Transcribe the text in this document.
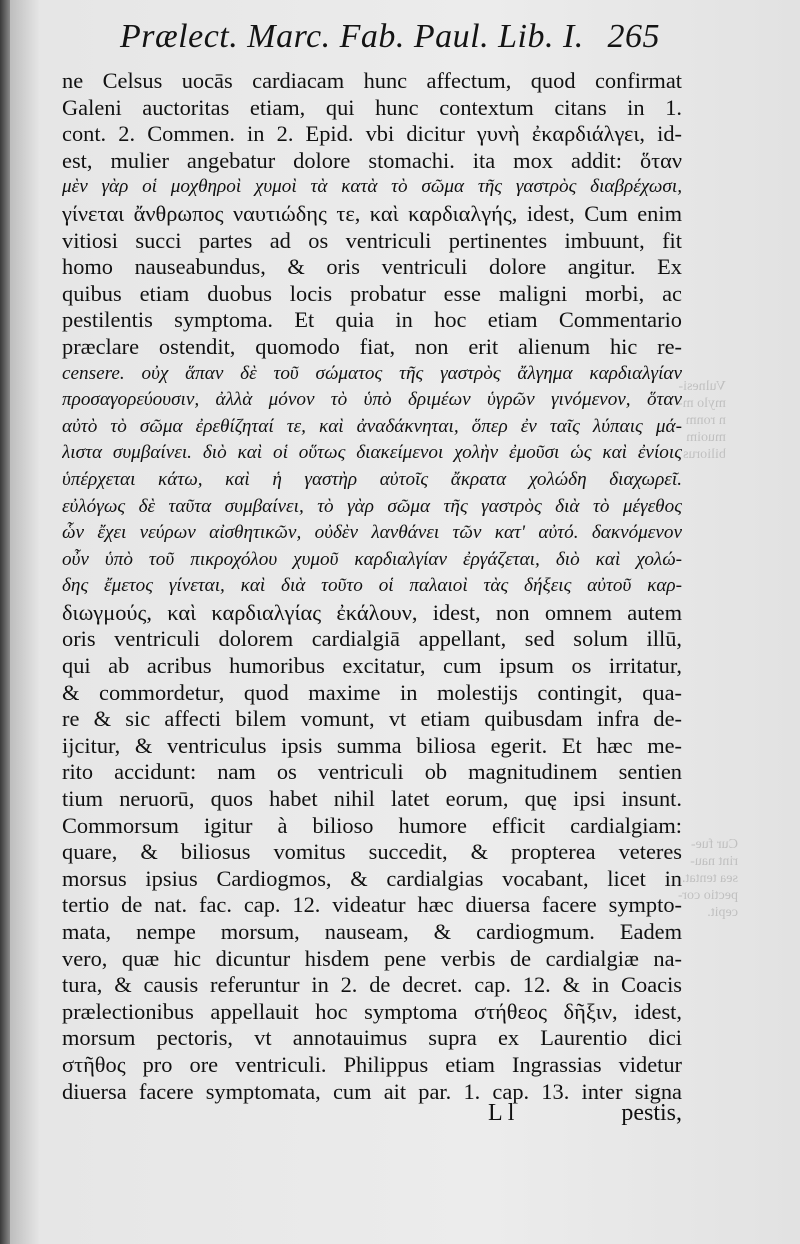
Prælect. Marc. Fab. Paul. Lib. I. 265
ne Celsus uocās cardiacam hunc affectum, quod confirmat
Galeni auctoritas etiam, qui hunc contextum citans in 1.
cont. 2. Commen. in 2. Epid. vbi dicitur γυνὴ ἐκαρδιάλγει, id-
est, mulier angebatur dolore stomachi. ita mox addit: ὅταν
μὲν γὰρ οἱ μοχθηροὶ χυμοὶ τὰ κατὰ τὸ σῶμα τῆς γαστρὸς διαβρέχωσι,
γίνεται ἄνθρωπος ναυτιώδης τε, καὶ καρδιαλγής, idest, Cum enim
vitiosi succi partes ad os ventriculi pertinentes imbuunt, fit
homo nauseabundus, & oris ventriculi dolore angitur. Ex
quibus etiam duobus locis probatur esse maligni morbi, ac
pestilentis symptoma. Et quia in hoc etiam Commentario
præclare ostendit, quomodo fiat, non erit alienum hic re-
censere. οὐχ ἅπαν δὲ τοῦ σώματος τῆς γαστρὸς ἄλγημα καρδιαλγίαν
προσαγορεύουσιν, ἀλλὰ μόνον τὸ ὑπὸ δριμέων ὑγρῶν γινόμενον, ὅταν
αὐτὸ τὸ σῶμα ἐρεθίζηταί τε, καὶ ἀναδάκνηται, ὅπερ ἐν ταῖς λύπαις μά-
λιστα συμβαίνει. διὸ καὶ οἱ οὕτως διακείμενοι χολὴν ἐμοῦσι ὡς καὶ ἐνίοις
ὑπέρχεται κάτω, καὶ ἡ γαστὴρ αὐτοῖς ἄκρατα χολώδη διαχωρεῖ.
εὐλόγως δὲ ταῦτα συμβαίνει, τὸ γὰρ σῶμα τῆς γαστρὸς διὰ τὸ μέγεθος
ὧν ἔχει νεύρων αἰσθητικῶν, οὐδὲν λανθάνει τῶν κατ' αὐτό. δακνόμενον
οὖν ὑπὸ τοῦ πικροχόλου χυμοῦ καρδιαλγίαν ἐργάζεται, διὸ καὶ χολώ-
δης ἔμετος γίνεται, καὶ διὰ τοῦτο οἱ παλαιοὶ τὰς δήξεις αὐτοῦ καρ-
διωγμούς, καὶ καρδιαλγίας ἐκάλουν, idest, non omnem autem
oris ventriculi dolorem cardialgiā appellant, sed solum illū,
qui ab acribus humoribus excitatur, cum ipsum os irritatur,
& commordetur, quod maxime in molestijs contingit, qua-
re & sic affecti bilem vomunt, vt etiam quibusdam infra de-
ijcitur, & ventriculus ipsis summa biliosa egerit. Et hæc me-
rito accidunt: nam os ventriculi ob magnitudinem sentien
tium neruorū, quos habet nihil latet eorum, quę ipsi insunt.
Commorsum igitur à bilioso humore efficit cardialgiam:
quare, & biliosus vomitus succedit, & propterea veteres
morsus ipsius Cardiogmos, & cardialgias vocabant, licet in
tertio de nat. fac. cap. 12. videatur hæc diuersa facere sympto-
mata, nempe morsum, nauseam, & cardiogmum. Eadem
vero, quæ hic dicuntur hisdem pene verbis de cardialgiæ na-
tura, & causis referuntur in 2. de decret. cap. 12. & in Coacis
prælectionibus appellauit hoc symptoma στήθεος δῆξιν, idest,
morsum pectoris, vt annotauimus supra ex Laurentio dici
στῆθος pro ore ventriculi. Philippus etiam Ingrassias videtur
diuersa facere symptomata, cum ait par. 1. cap. 13. inter signa
L l	pestis,
Vulnesi-
mylo m-
n ronm
muoim
biliorus
Cur fue-
rint nau-
sea tentat.
pectio cor-
cepit.
